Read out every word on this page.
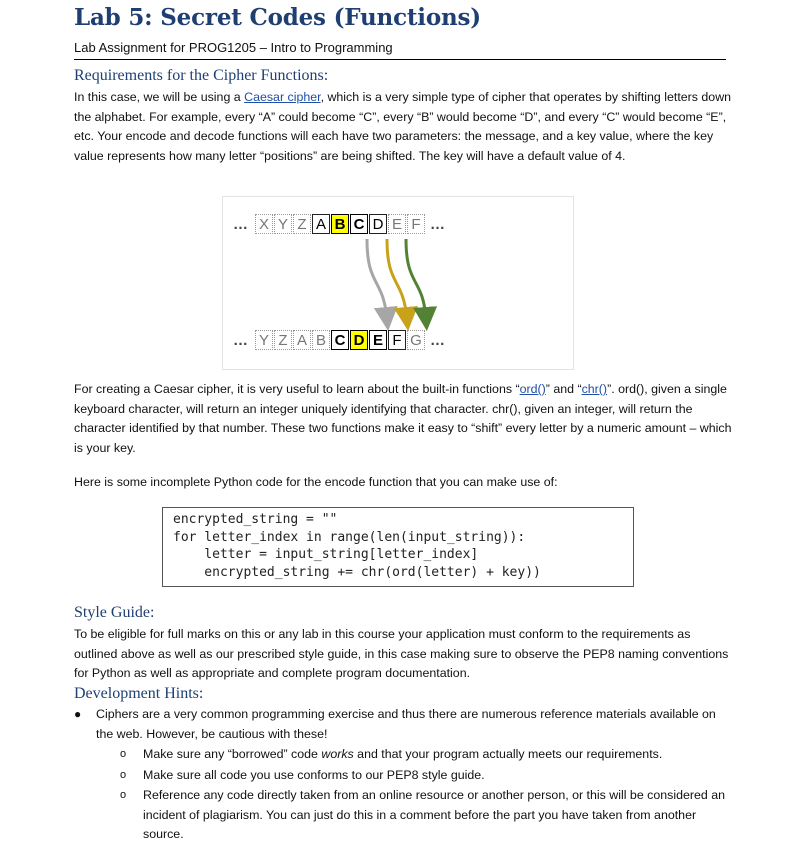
Lab 5: Secret Codes (Functions)
Lab Assignment for PROG1205 – Intro to Programming
Requirements for the Cipher Functions:

In this case, we will be using a Caesar cipher, which is a very simple type of cipher that operates by shifting letters down the alphabet. For example, every “A” could become “C”, every “B” would become “D”, and every “C” would become “E”, etc. Your encode and decode functions will each have two parameters: the message, and a key value, where the key value represents how many letter “positions” are being shifted. The key will have a default value of 4.

… X Y Z A B C D E F …
… Y Z A B C D E F G …

For creating a Caesar cipher, it is very useful to learn about the built-in functions “ord()” and “chr()”. ord(), given a single keyboard character, will return an integer uniquely identifying that character. chr(), given an integer, will return the character identified by that number. These two functions make it easy to “shift” every letter by a numeric amount – which is your key.

Here is some incomplete Python code for the encode function that you can make use of:

encrypted_string = ""
for letter_index in range(len(input_string)):
letter = input_string[letter_index]
encrypted_string += chr(ord(letter) + key))
Style Guide:

To be eligible for full marks on this or any lab in this course your application must conform to the requirements as outlined above as well as our prescribed style guide, in this case making sure to observe the PEP8 naming conventions for Python as well as appropriate and complete program documentation.

Development Hints:
● Ciphers are a very common programming exercise and thus there are numerous reference materials available on the web. However, be cautious with these!
o Make sure any “borrowed” code works and that your program actually meets our requirements.
o Make sure all code you use conforms to our PEP8 style guide.
o Reference any code directly taken from an online resource or another person, or this will be considered an incident of plagiarism. You can just do this in a comment before the part you have taken from another source.
